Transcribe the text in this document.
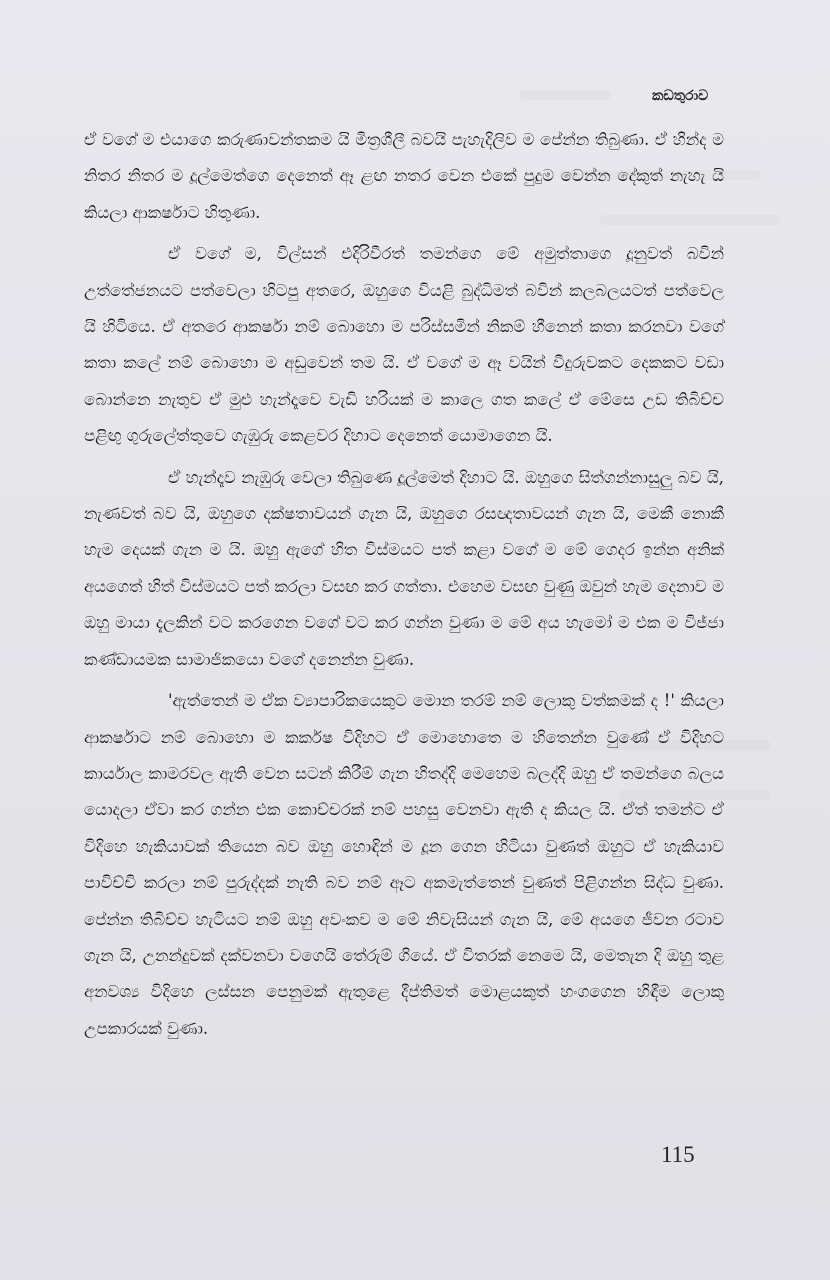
කඩතුරාව

ඒ වගේ ම එයාගෙ කරුණාවන්තකම යි මිත්‍රශීලී බවයි පැහැදිලිව ම පේන්න තිබුණා. ඒ හින්ද ම නිතර නිතර ම දූල්මෙත්ගෙ දෙනෙත් ඈ ළඟ නතර වෙන එකේ පුදුම වෙන්න දේකුත් නැහැ යි කියලා ආකර්ෂාට හිතුණා.

ඒ වගේ ම, විල්සන් එදිරිවීරත් තමන්ගෙ මේ අමුත්තාගෙ දූනුවත් බවින් උත්තේජනයට පත්වෙලා හිටපු අතරෙ, ඔහුගෙ වියළි බුද්ධිමත් බවින් කලබලයටත් පත්වෙල යි හිටියෙ. ඒ අතරෙ ආකර්ෂා නම් බොහො ම පරිස්සමින් නිකම් හීනෙන් කතා කරනවා වගේ කතා කලේ නම් බොහො ම අඩුවෙන් තම යි. ඒ වගේ ම ඈ වයින් වීදුරුවකට දෙකකට වඩා බොන්නෙ නැතුව ඒ මුළු හැන්දෑවෙ වැඩි හරියක් ම කාලෙ ගත කලේ ඒ මේසෙ උඩ තිබිච්ච පළිඟු ගුරුලේත්තුවෙ ගැඹුරු කෙළවර දිහාට දෙනෙත් යොමාගෙන යි.

ඒ හැන්දෑව නැඹුරු වෙලා තිබුණෙ දූල්මෙත් දිහාට යි. ඔහුගෙ සිත්ගන්නාසුලු බව යි, නැණවත් බව යි, ඔහුගෙ දක්ෂතාවයන් ගැන යි, ඔහුගෙ රසඥතාවයන් ගැන යි, මෙකී නොකී හැම දෙයක් ගැන ම යි. ඔහු ඇගේ හිත විස්මයට පත් කළා වගේ ම මේ ගෙදර ඉන්න අනික් අයගෙත් හිත් විස්මයට පත් කරලා වසඟ කර ගත්තා. එහෙම වසඟ වුණු ඔවුන් හැම දෙනාව ම ඔහු මායා දැලකින් වට කරගෙන වගේ වට කර ගන්න වුණා ම මේ අය හැමෝ ම එක ම විජ්ජා කණ්ඩායමක සාමාජිකයො වගේ දනෙන්න වුණා.

'ඇත්තෙන් ම ඒක ව්‍යාපාරිකයෙකුට මොන තරම් නම් ලොකු වත්කමක් ද !' කියලා ආකර්ෂාට නම් බොහො ම කර්කෂ විදිහට ඒ මොහොතෙ ම හිතෙන්න වුණේ ඒ විදිහට කාර්යාල කාමරවල ඇති වෙන සටන් කිරීම් ගැන හිතද්දි මෙහෙම බලද්දි ඔහු ඒ තමන්ගෙ බලය යොදලා ඒවා කර ගන්න එක කොච්චරක් නම් පහසු වෙනවා ඇති ද කියල යි. ඒත් තමන්ට ඒ විදිහෙ හැකියාවක් තියෙන බව ඔහු හොඳින් ම දූන ගෙන හිටියා වුණත් ඔහුට ඒ හැකියාව පාවිච්චි කරලා නම් පුරුද්දක් නැති බව නම් ඈට අකමැත්තෙන් වුණත් පිළිගන්න සිද්ධ වුණා. පේන්න තිබිච්ච හැටියට නම් ඔහු අවංකව ම මේ නිවැසියන් ගැන යි, මේ අයගෙ ජීවන රටාව ගැන යි, උනන්දුවක් දක්වනවා වගෙයි තේරුම් ගියේ. ඒ විතරක් නෙමෙ යි, මෙතැන දි ඔහු තුළ අනවශ්‍ය විදිහෙ ලස්සන පෙනුමක් ඇතුළෙ දීප්තිමත් මොළයකුත් හංගගෙන හිඳීම ලොකු උපකාරයක් වුණා.

115
